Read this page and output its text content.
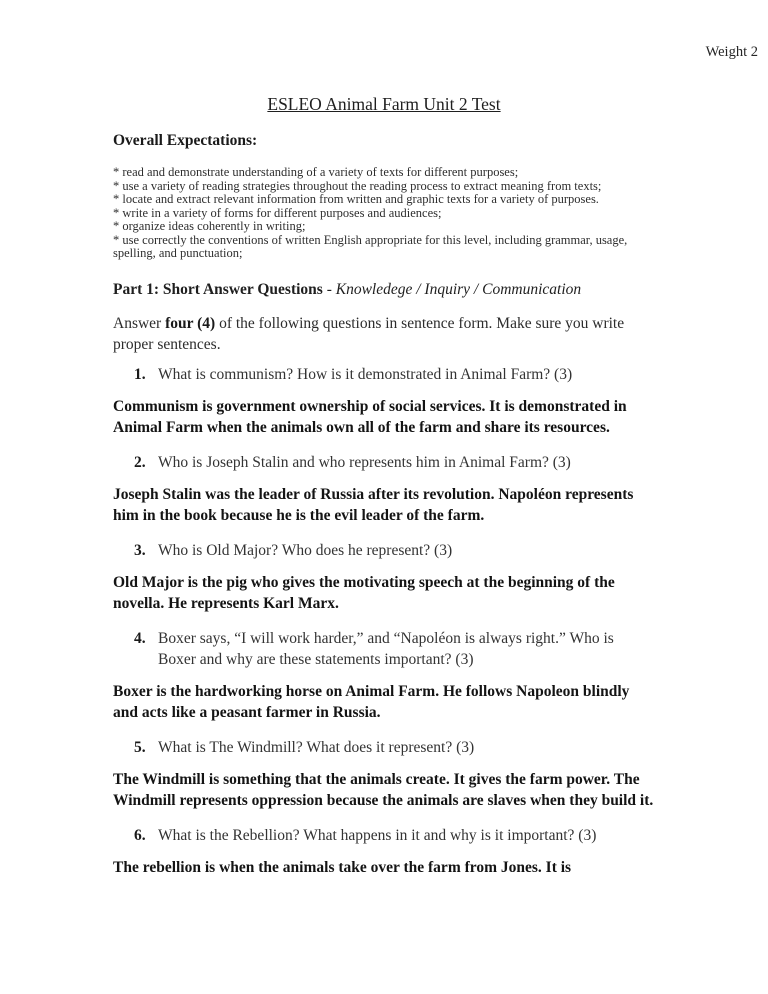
Weight 2

ESLEO Animal Farm Unit 2 Test

Overall Expectations:

* read and demonstrate understanding of a variety of texts for different purposes;

* use a variety of reading strategies throughout the reading process to extract meaning from texts;

* locate and extract relevant information from written and graphic texts for a variety of purposes.

* write in a variety of forms for different purposes and audiences;

* organize ideas coherently in writing;

* use correctly the conventions of written English appropriate for this level, including grammar, usage, spelling, and punctuation;

Part 1: Short Answer Questions - Knowledege / Inquiry / Communication

Answer four (4) of the following questions in sentence form. Make sure you write proper sentences.

1. What is communism? How is it demonstrated in Animal Farm? (3)

Communism is government ownership of social services. It is demonstrated in Animal Farm when the animals own all of the farm and share its resources.

2. Who is Joseph Stalin and who represents him in Animal Farm? (3)

Joseph Stalin was the leader of Russia after its revolution. Napoléon represents him in the book because he is the evil leader of the farm.

3. Who is Old Major? Who does he represent? (3)

Old Major is the pig who gives the motivating speech at the beginning of the novella. He represents Karl Marx.

4. Boxer says, “I will work harder,” and “Napoléon is always right.” Who is Boxer and why are these statements important? (3)

Boxer is the hardworking horse on Animal Farm. He follows Napoleon blindly and acts like a peasant farmer in Russia.

5. What is The Windmill? What does it represent? (3)

The Windmill is something that the animals create. It gives the farm power. The Windmill represents oppression because the animals are slaves when they build it.

6. What is the Rebellion? What happens in it and why is it important? (3)

The rebellion is when the animals take over the farm from Jones. It is
